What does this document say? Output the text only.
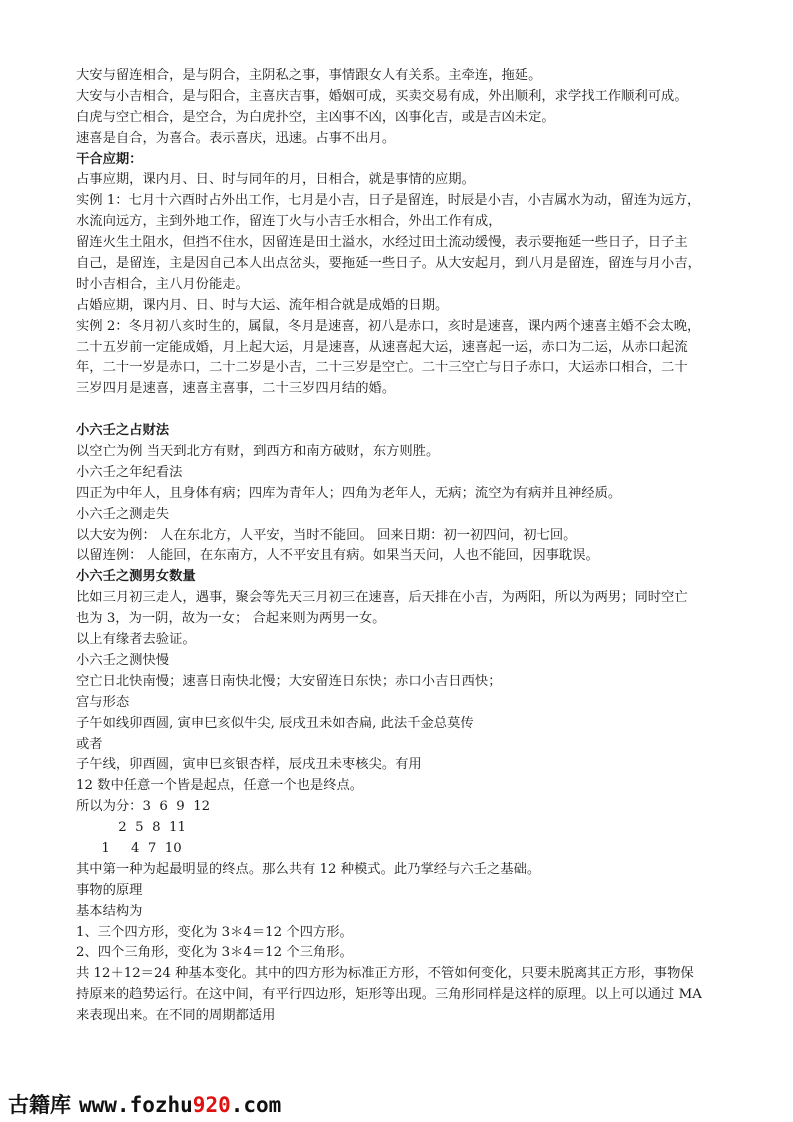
大安与留连相合，是与阴合，主阴私之事，事情跟女人有关系。主牵连，拖延。
大安与小吉相合，是与阳合，主喜庆吉事，婚姻可成，买卖交易有成，外出顺利，求学找工作顺利可成。
白虎与空亡相合，是空合，为白虎扑空，主凶事不凶，凶事化吉，或是吉凶未定。
速喜是自合，为喜合。表示喜庆，迅速。占事不出月。
干合应期：
占事应期，课内月、日、时与同年的月，日相合，就是事情的应期。
实例 1：七月十六酉时占外出工作，七月是小吉，日子是留连，时辰是小吉，小吉属水为动，留连为远方，
水流向远方，主到外地工作，留连丁火与小吉壬水相合，外出工作有成，
留连火生土阻水，但挡不住水，因留连是田土溢水，水经过田土流动缓慢，表示要拖延一些日子，日子主
自己，是留连，主是因自己本人出点岔头，要拖延一些日子。从大安起月，到八月是留连，留连与月小吉，
时小吉相合，主八月份能走。
占婚应期，课内月、日、时与大运、流年相合就是成婚的日期。
实例 2：冬月初八亥时生的，属鼠，冬月是速喜，初八是赤口，亥时是速喜，课内两个速喜主婚不会太晚，
二十五岁前一定能成婚，月上起大运，月是速喜，从速喜起大运，速喜起一运，赤口为二运，从赤口起流
年，二十一岁是赤口，二十二岁是小吉，二十三岁是空亡。二十三空亡与日子赤口，大运赤口相合，二十
三岁四月是速喜，速喜主喜事，二十三岁四月结的婚。
小六壬之占财法
以空亡为例 当天到北方有财，到西方和南方破财，东方则胜。
小六壬之年纪看法
四正为中年人，且身体有病；四库为青年人；四角为老年人，无病；流空为有病并且神经质。
小六壬之测走失
以大安为例： 人在东北方，人平安，当时不能回。 回来日期：初一初四问，初七回。
以留连例： 人能回，在东南方，人不平安且有病。如果当天问，人也不能回，因事耽误。
小六壬之测男女数量
比如三月初三走人，遇事，聚会等先天三月初三在速喜，后天排在小吉，为两阳，所以为两男；同时空亡
也为 3，为一阴，故为一女； 合起来则为两男一女。
以上有缘者去验证。
小六壬之测快慢
空亡日北快南慢；速喜日南快北慢；大安留连日东快；赤口小吉日西快；
宫与形态
子午如线卯酉圆, 寅申巳亥似牛尖, 辰戌丑未如杏扁, 此法千金总莫传
或者
子午线，卯酉圆，寅申巳亥银杏样，辰戌丑未枣核尖。有用
12 数中任意一个皆是起点，任意一个也是终点。
所以为分：3  6  9  12
2  5  8  11
1     4  7  10
其中第一种为起最明显的终点。那么共有 12 种模式。此乃掌经与六壬之基础。
事物的原理
基本结构为
1、三个四方形，变化为 3＊4＝12 个四方形。
2、四个三角形，变化为 3＊4＝12 个三角形。
共 12＋12＝24 种基本变化。其中的四方形为标准正方形，不管如何变化，只要未脱离其正方形，事物保
持原来的趋势运行。在这中间，有平行四边形，矩形等出现。三角形同样是这样的原理。以上可以通过 MA
来表现出来。在不同的周期都适用
古籍库 www.fozhu920.com
